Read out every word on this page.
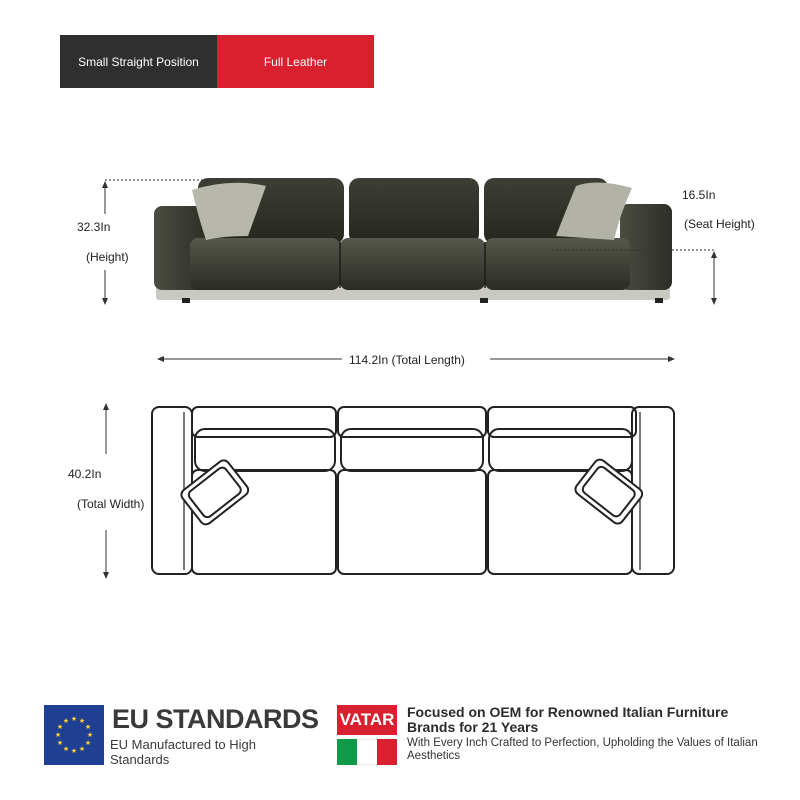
Small Straight Position	Full Leather
32.3In
(Height)
16.5In
(Seat Height)
114.2In (Total Length)
40.2In
(Total Width)
★ ★
★
★
★
★
★
★
★
★
★
★ EU STANDARDS
EU Manufactured to High Standards
VATAR Focused on OEM for Renowned Italian Furniture Brands for 21 Years
With Every Inch Crafted to Perfection, Upholding the Values of Italian Aesthetics
